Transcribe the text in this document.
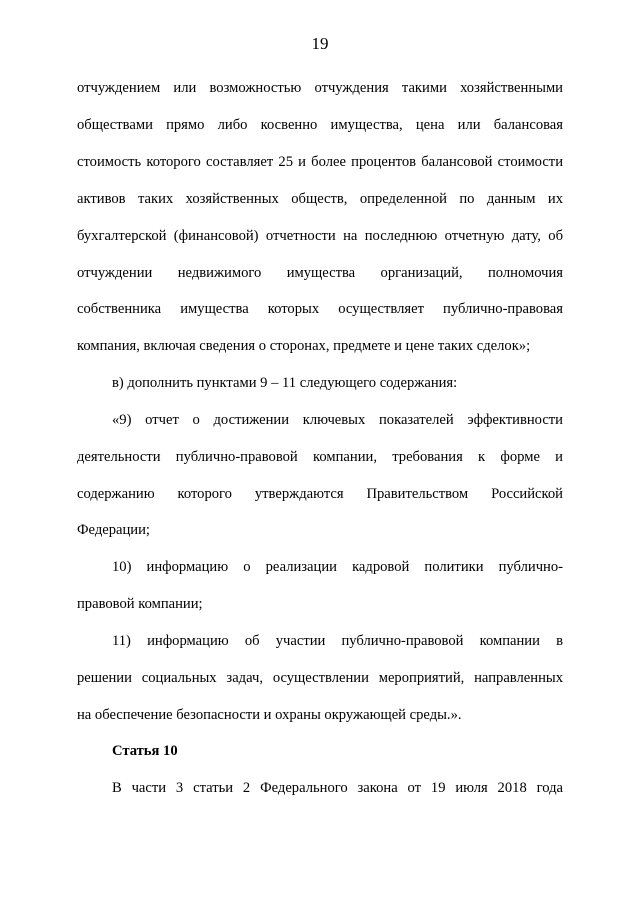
19
отчуждением или возможностью отчуждения такими хозяйственными
обществами прямо либо косвенно имущества, цена или балансовая
стоимость которого составляет 25 и более процентов балансовой стоимости
активов таких хозяйственных обществ, определенной по данным их
бухгалтерской (финансовой) отчетности на последнюю отчетную дату, об
отчуждении недвижимого имущества организаций, полномочия
собственника имущества которых осуществляет публично-правовая
компания, включая сведения о сторонах, предмете и цене таких сделок»;
в) дополнить пунктами 9 – 11 следующего содержания:
«9) отчет о достижении ключевых показателей эффективности
деятельности публично-правовой компании, требования к форме и
содержанию которого утверждаются Правительством Российской
Федерации;
10) информацию о реализации кадровой политики публично-
правовой компании;
11) информацию об участии публично-правовой компании в
решении социальных задач, осуществлении мероприятий, направленных
на обеспечение безопасности и охраны окружающей среды.».
Статья 10
В части 3 статьи 2 Федерального закона от 19 июля 2018 года
